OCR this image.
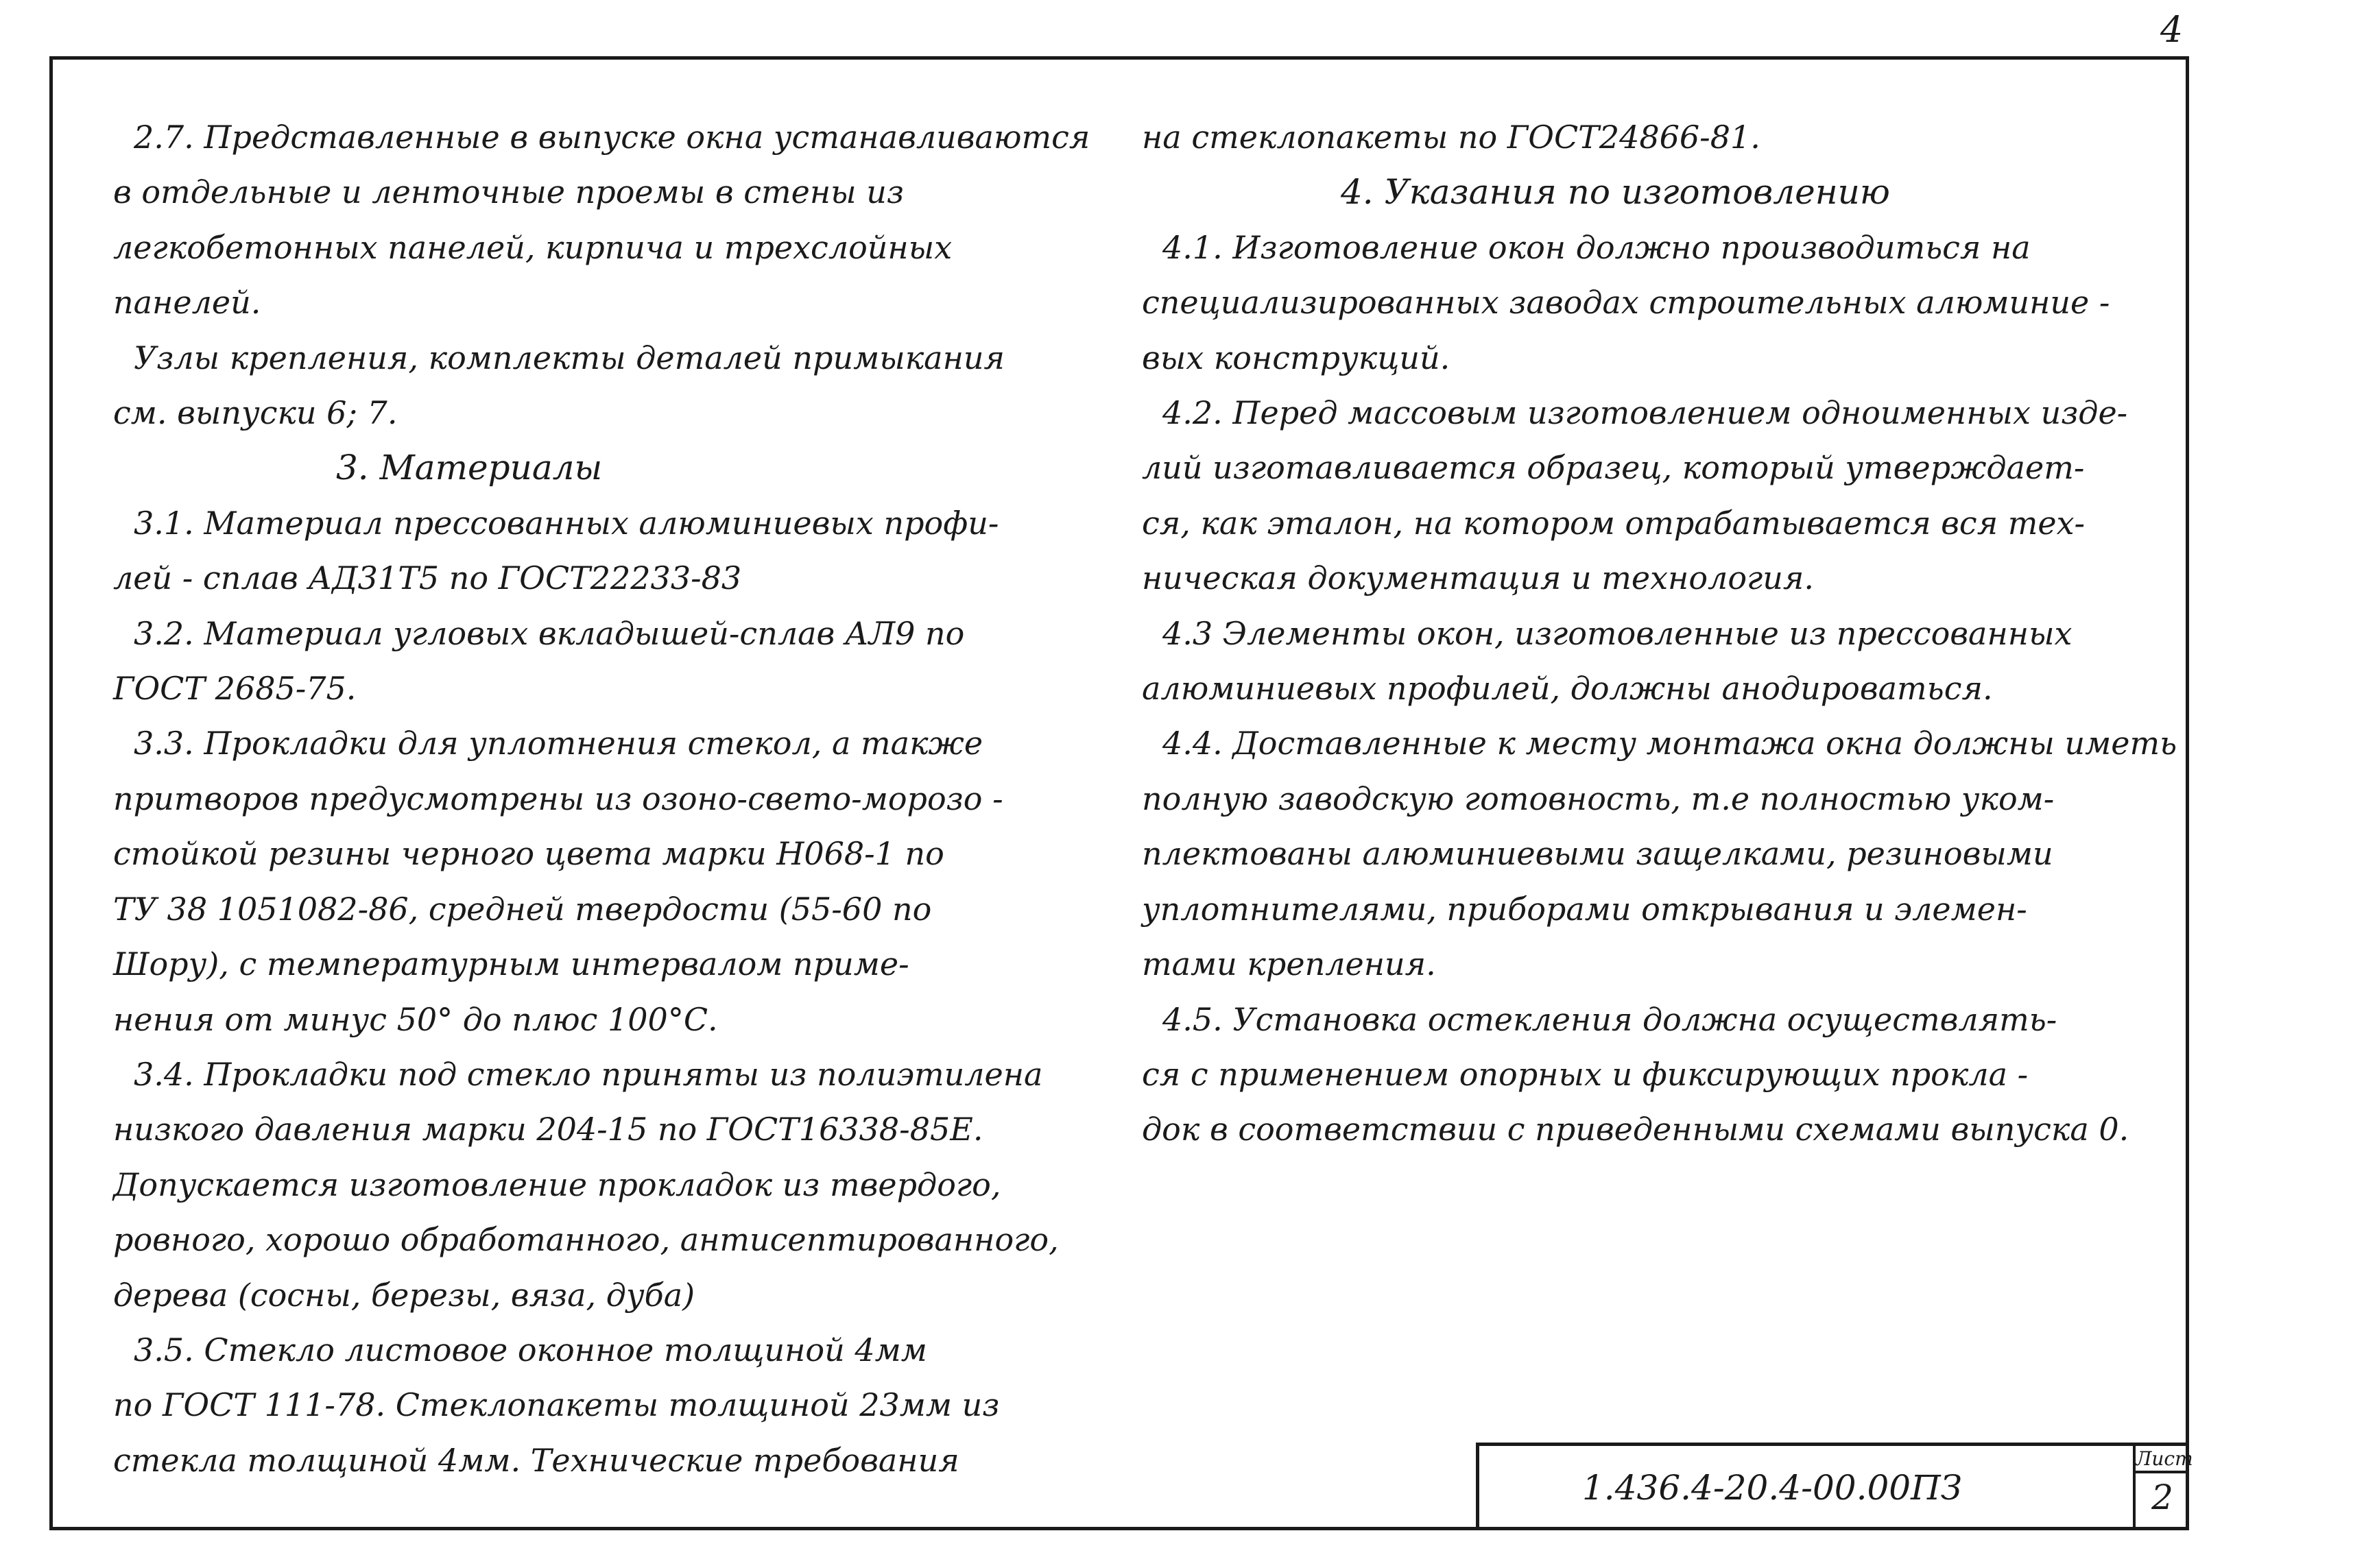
4
2.7. Представленные в выпуске окна устанавливаются
в отдельные и ленточные проемы в стены из
легкобетонных панелей, кирпича и трехслойных
панелей.
Узлы крепления, комплекты деталей примыкания
см. выпуски 6; 7.
3. Материалы
3.1. Материал прессованных алюминиевых профи-
лей - сплав АД31Т5 по ГОСТ22233-83
3.2. Материал угловых вкладышей-сплав АЛ9 по
ГОСТ 2685-75.
3.3. Прокладки для уплотнения стекол, а также
притворов предусмотрены из озоно-свето-морозо -
стойкой резины черного цвета марки Н068-1 по
ТУ 38 1051082-86, средней твердости (55-60 по
Шору), с температурным интервалом приме-
нения от минус 50° до плюс 100°С.
3.4. Прокладки под стекло приняты из полиэтилена
низкого давления марки 204-15 по ГОСТ16338-85Е.
Допускается изготовление прокладок из твердого,
ровного, хорошо обработанного, антисептированного,
дерева (сосны, березы, вяза, дуба)
3.5. Стекло листовое оконное толщиной 4мм
по ГОСТ 111-78. Стеклопакеты толщиной 23мм из
стекла толщиной 4мм. Технические требования
на стеклопакеты по ГОСТ24866-81.
4. Указания по изготовлению
4.1. Изготовление окон должно производиться на
специализированных заводах строительных алюминие -
вых конструкций.
4.2. Перед массовым изготовлением одноименных изде-
лий изготавливается образец, который утверждает-
ся, как эталон, на котором отрабатывается вся тех-
ническая документация и технология.
4.3 Элементы окон, изготовленные из прессованных
алюминиевых профилей, должны анодироваться.
4.4. Доставленные к месту монтажа окна должны иметь
полную заводскую готовность, т.е полностью уком-
плектованы алюминиевыми защелками, резиновыми
уплотнителями, приборами открывания и элемен-
тами крепления.
4.5. Установка остекления должна осуществлять-
ся с применением опорных и фиксирующих прокла -
док в соответствии с приведенными схемами выпуска 0.
1.436.4-20.4-00.00ПЗ
Лист
2
